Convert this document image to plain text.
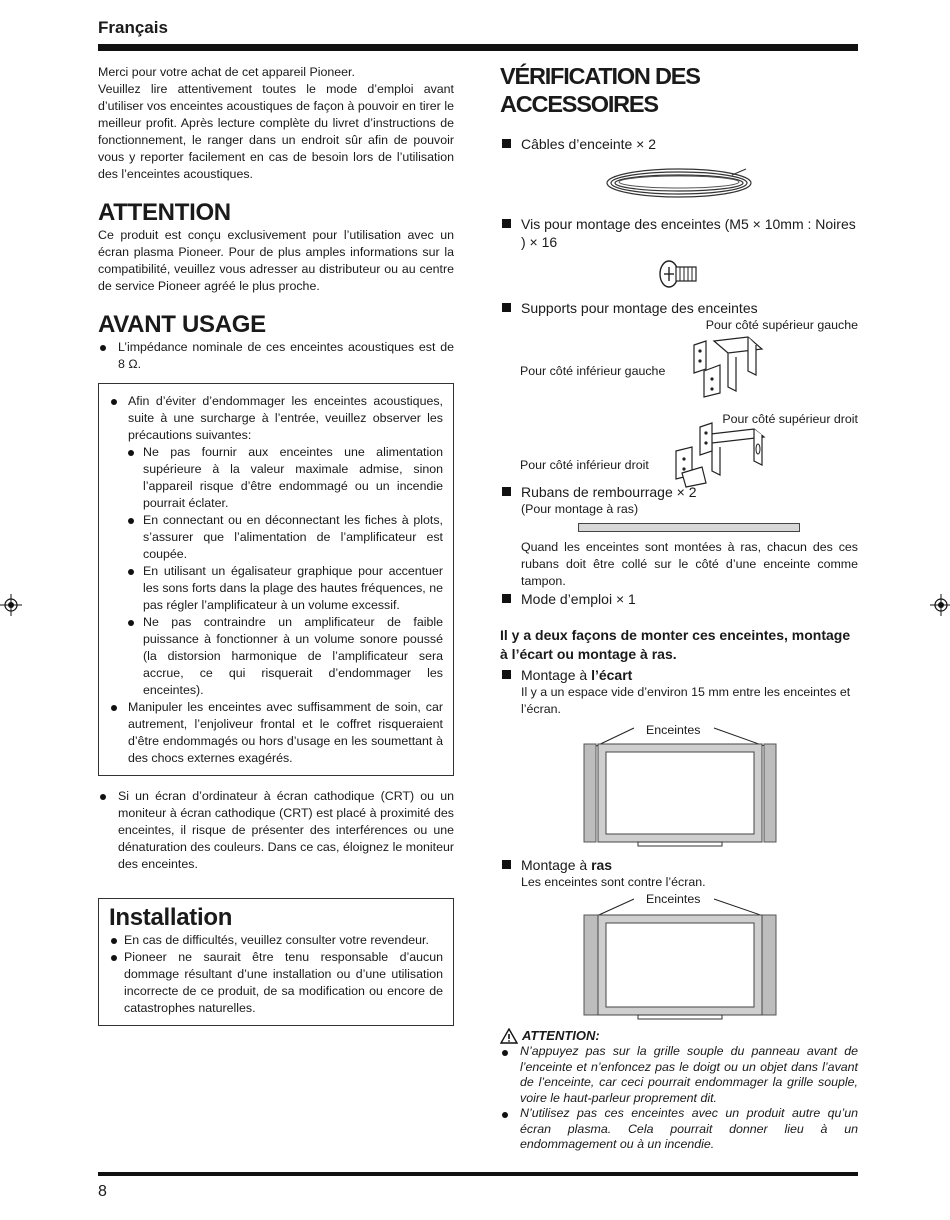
Français
8

Merci pour votre achat de cet appareil Pioneer.

Veuillez lire attentivement toutes le mode d’emploi avant d’utiliser vos enceintes acoustiques de façon à pouvoir en tirer le meilleur profit. Après lecture complète du livret d’instructions de fonctionnement, le ranger dans un endroit sûr afin de pouvoir vous y reporter facilement en cas de besoin lors de l’utilisation des l’enceintes acoustiques.

ATTENTION

Ce produit est conçu exclusivement pour l’utilisation avec un écran plasma Pioneer. Pour de plus amples informations sur la compatibilité, veuillez vous adresser au distributeur ou au centre de service Pioneer agréé le plus proche.

AVANT USAGE
L’impédance nominale de ces enceintes acoustiques est de 8 Ω.
Afin d’éviter d’endommager les enceintes acoustiques, suite à une surcharge à l’entrée, veuillez observer les précautions suivantes:
Ne pas fournir aux enceintes une alimentation supérieure à la valeur maximale admise, sinon l’appareil risque d’être endommagé ou un incendie pourrait éclater.
En connectant ou en déconnectant les fiches à plots, s’assurer que l’alimentation de l’amplificateur est coupée.
En utilisant un égalisateur graphique pour accentuer les sons forts dans la plage des hautes fréquences, ne pas régler l’amplificateur à un volume excessif.
Ne pas contraindre un amplificateur de faible puissance à fonctionner à un volume sonore poussé (la distorsion harmonique de l’amplificateur sera accrue, ce qui risquerait d’endommager les enceintes).
Manipuler les enceintes avec suffisamment de soin, car autrement, l’enjoliveur frontal et le coffret risqueraient d’être endommagés ou hors d’usage en les soumettant à des chocs externes exagérés.
Si un écran d’ordinateur à écran cathodique (CRT) ou un moniteur à écran cathodique (CRT) est placé à proximité des enceintes, il risque de présenter des interférences ou une dénaturation des couleurs. Dans ce cas, éloignez le moniteur des enceintes.
Installation
En cas de difficultés, veuillez consulter votre revendeur.
Pioneer ne saurait être tenu responsable d’aucun dommage résultant d’une installation ou d’une utilisation incorrecte de ce produit, de sa modification ou encore de catastrophes naturelles.
VÉRIFICATION DES ACCESSOIRES
Câbles d’enceinte × 2
Vis pour montage des enceintes (M5 × 10mm : Noires ) × 16
Supports pour montage des enceintes
Pour côté supérieur gauche
Pour côté inférieur gauche
Pour côté supérieur droit
Pour côté inférieur droit
Rubans de rembourrage × 2
(Pour montage à ras)
Quand les enceintes sont montées à ras, chacun des ces rubans doit être collé sur le côté d’une enceinte comme tampon.
Mode d’emploi × 1

Il y a deux façons de monter ces enceintes, montage à l’écart ou montage à ras.

Montage à l’écart
Il y a un espace vide d’environ 15 mm entre les enceintes et l’écran.
Enceintes
Montage à ras
Les enceintes sont contre l’écran.
Enceintes
ATTENTION:
N’appuyez pas sur la grille souple du panneau avant de l’enceinte et n’enfoncez pas le doigt ou un objet dans l’avant de l’enceinte, car ceci pourrait endommager la grille souple, voire le haut-parleur proprement dit.
N’utilisez pas ces enceintes avec un produit autre qu’un écran plasma. Cela pourrait donner lieu à un endommagement ou à un incendie.
